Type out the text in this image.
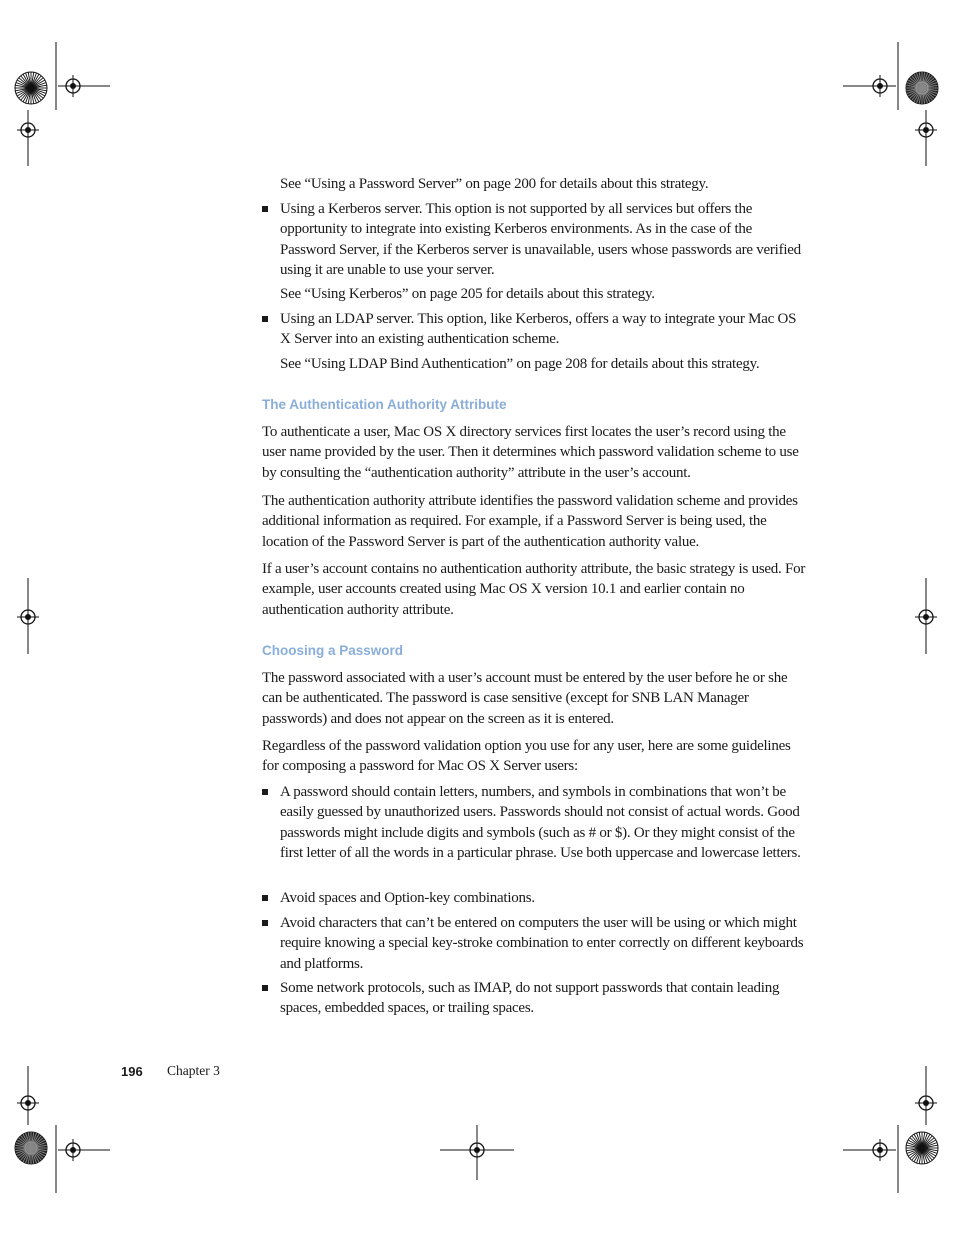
See “Using a Password Server” on page 200 for details about this strategy.
Using a Kerberos server. This option is not supported by all services but offers the opportunity to integrate into existing Kerberos environments. As in the case of the Password Server, if the Kerberos server is unavailable, users whose passwords are verified using it are unable to use your server.
See “Using Kerberos” on page 205 for details about this strategy.
Using an LDAP server. This option, like Kerberos, offers a way to integrate your Mac OS X Server into an existing authentication scheme.
See “Using LDAP Bind Authentication” on page 208 for details about this strategy.
The Authentication Authority Attribute
To authenticate a user, Mac OS X directory services first locates the user’s record using the user name provided by the user. Then it determines which password validation scheme to use by consulting the “authentication authority” attribute in the user’s account.
The authentication authority attribute identifies the password validation scheme and provides additional information as required. For example, if a Password Server is being used, the location of the Password Server is part of the authentication authority value.
If a user’s account contains no authentication authority attribute, the basic strategy is used. For example, user accounts created using Mac OS X version 10.1 and earlier contain no authentication authority attribute.
Choosing a Password
The password associated with a user’s account must be entered by the user before he or she can be authenticated. The password is case sensitive (except for SNB LAN Manager passwords) and does not appear on the screen as it is entered.
Regardless of the password validation option you use for any user, here are some guidelines for composing a password for Mac OS X Server users:
A password should contain letters, numbers, and symbols in combinations that won’t be easily guessed by unauthorized users. Passwords should not consist of actual words. Good passwords might include digits and symbols (such as # or $). Or they might consist of the first letter of all the words in a particular phrase. Use both uppercase and lowercase letters.
Avoid spaces and Option-key combinations.
Avoid characters that can’t be entered on computers the user will be using or which might require knowing a special key-stroke combination to enter correctly on different keyboards and platforms.
Some network protocols, such as IMAP, do not support passwords that contain leading spaces, embedded spaces, or trailing spaces.
196 Chapter 3
